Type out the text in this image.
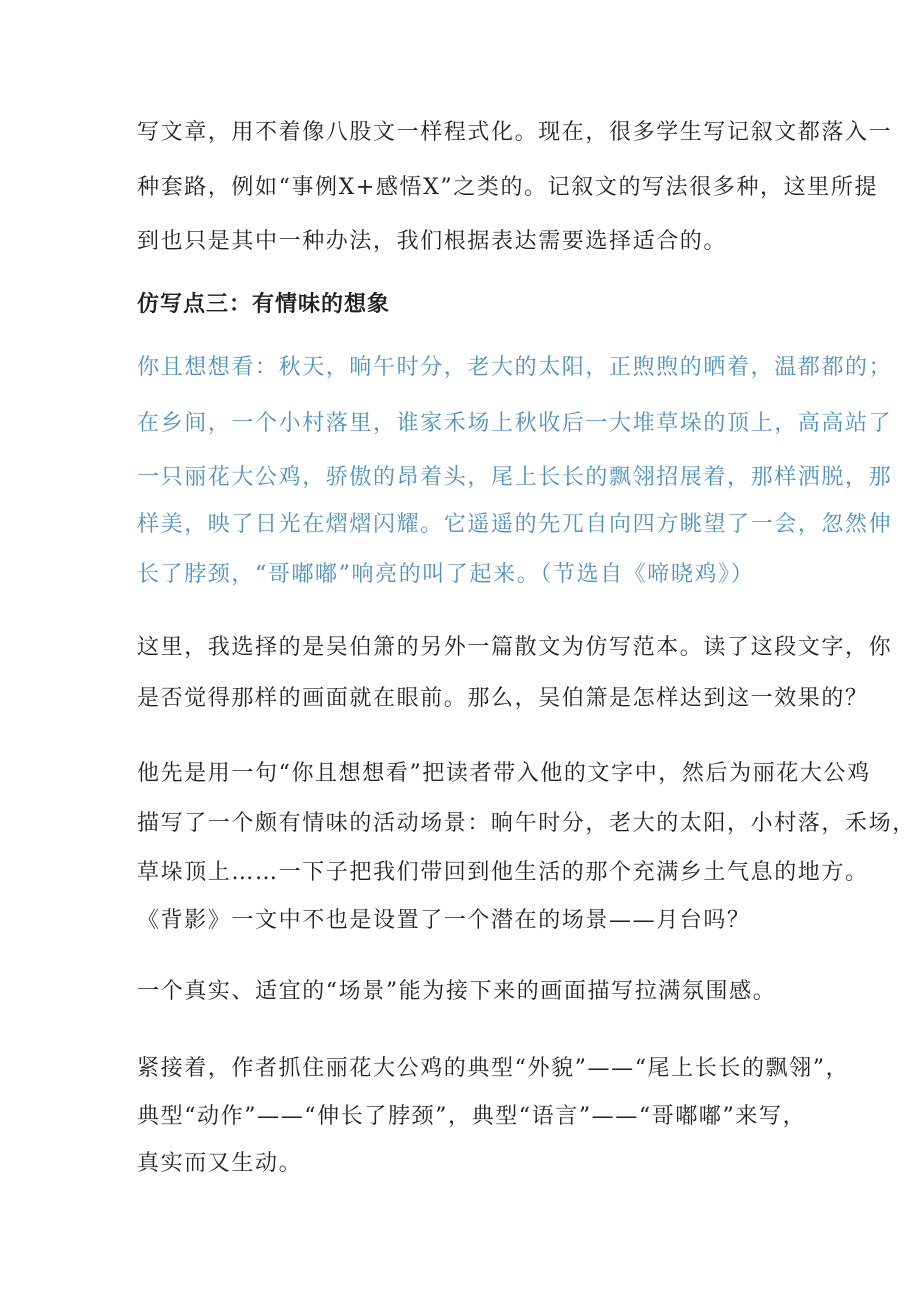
写文章，用不着像八股文一样程式化。现在，很多学生写记叙文都落入一
种套路，例如“事例X+感悟X”之类的。记叙文的写法很多种，这里所提
到也只是其中一种办法，我们根据表达需要选择适合的。
仿写点三：有情味的想象
你且想想看：秋天，晌午时分，老大的太阳，正煦煦的晒着，温都都的；
在乡间，一个小村落里，谁家禾场上秋收后一大堆草垛的顶上，高高站了
一只丽花大公鸡，骄傲的昂着头，尾上长长的飘翎招展着，那样洒脱，那
样美，映了日光在熠熠闪耀。它遥遥的先兀自向四方眺望了一会，忽然伸
长了脖颈，“哥嘟嘟”响亮的叫了起来。（节选自《啼晓鸡》）
这里，我选择的是吴伯箫的另外一篇散文为仿写范本。读了这段文字，你
是否觉得那样的画面就在眼前。那么，吴伯箫是怎样达到这一效果的？
他先是用一句“你且想想看”把读者带入他的文字中，然后为丽花大公鸡
描写了一个颇有情味的活动场景：晌午时分，老大的太阳，小村落，禾场，
草垛顶上……一下子把我们带回到他生活的那个充满乡土气息的地方。
《背影》一文中不也是设置了一个潜在的场景——月台吗？
一个真实、适宜的“场景”能为接下来的画面描写拉满氛围感。
紧接着，作者抓住丽花大公鸡的典型“外貌”——“尾上长长的飘翎”，
典型“动作”——“伸长了脖颈”，典型“语言”——“哥嘟嘟”来写，
真实而又生动。
